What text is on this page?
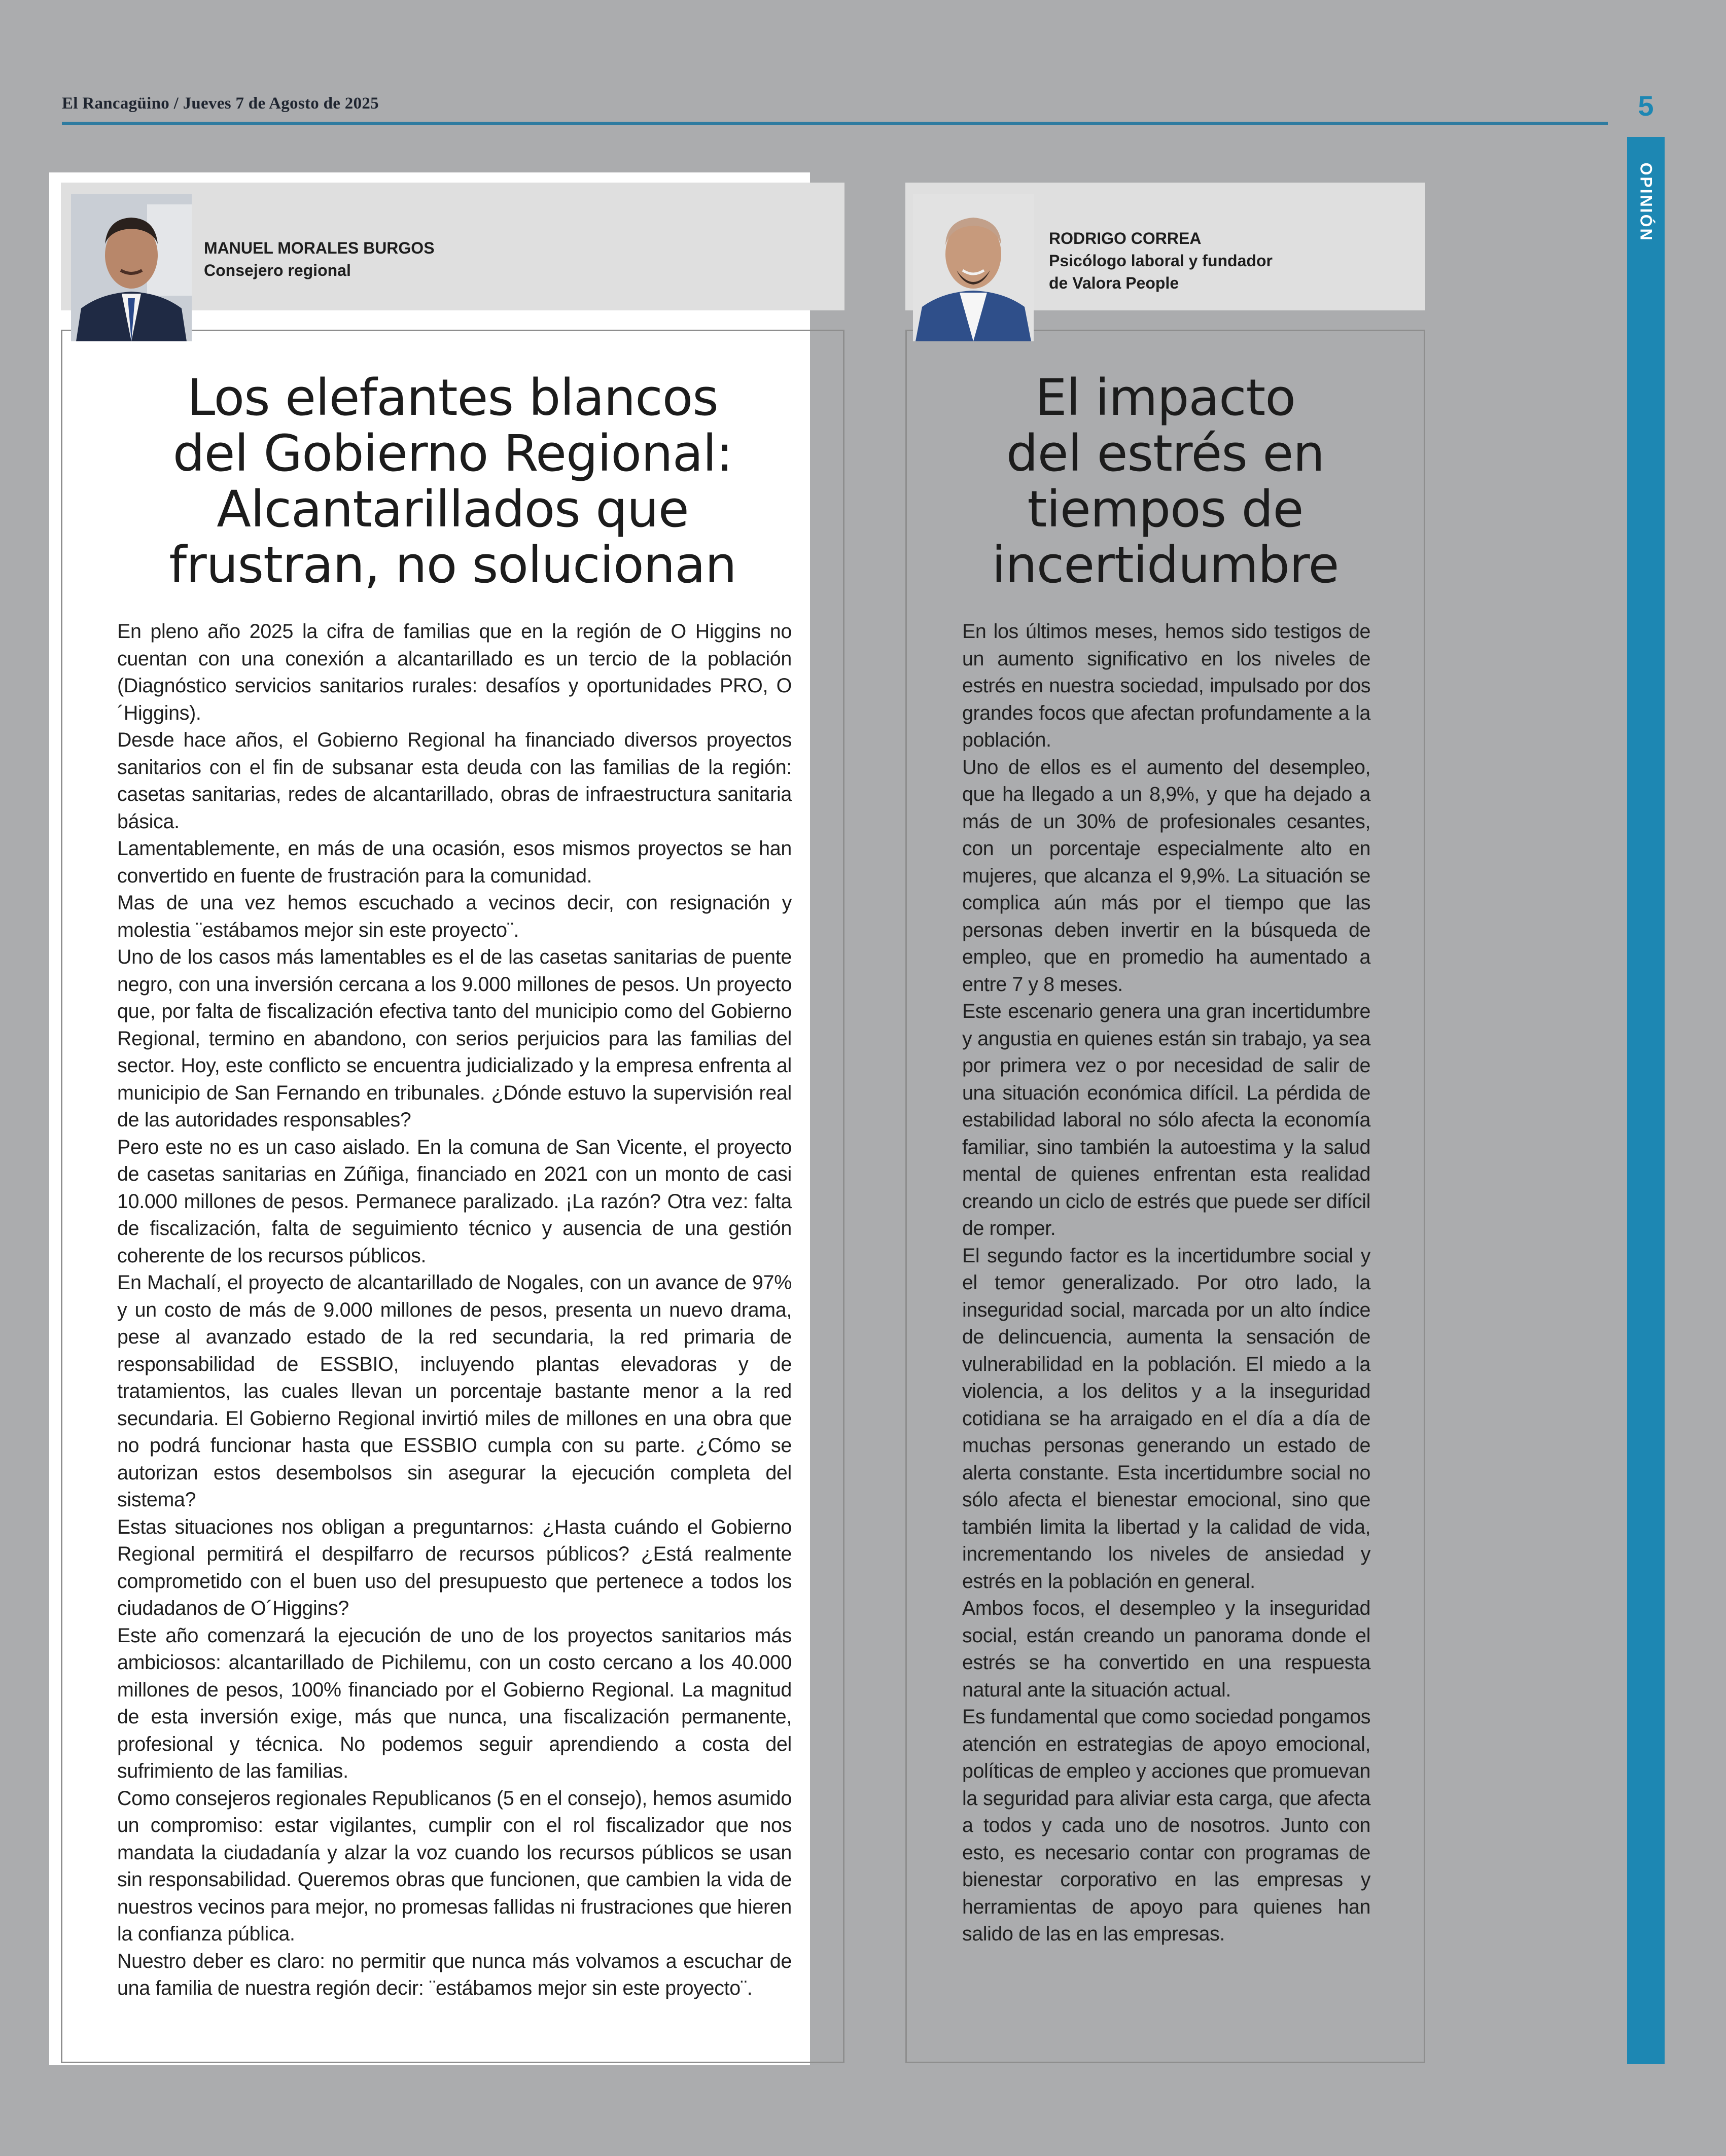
El Rancagüino / Jueves 7 de Agosto de 2025	5
OPINIÓN
MANUEL MORALES BURGOS
Consejero regional
Los elefantes blancos
del Gobierno Regional:
Alcantarillados que
frustran, no solucionan

En pleno año 2025 la cifra de familias que en la región de O Higgins no cuentan con una conexión a alcantarillado es un tercio de la población (Diagnóstico servicios sanitarios rurales: desafíos y oportunidades PRO, O´Higgins).

Desde hace años, el Gobierno Regional ha financiado diversos proyectos sanitarios con el fin de subsanar esta deuda con las familias de la región: casetas sanitarias, redes de alcantarillado, obras de infraestructura sanitaria básica.

Lamentablemente, en más de una ocasión, esos mismos proyectos se han convertido en fuente de frustración para la comunidad.

Mas de una vez hemos escuchado a vecinos decir, con resignación y molestia ¨estábamos mejor sin este proyecto¨.

Uno de los casos más lamentables es el de las casetas sanitarias de puente negro, con una inversión cercana a los 9.000 millones de pesos. Un proyecto que, por falta de fiscalización efectiva tanto del municipio como del Gobierno Regional, termino en abandono, con serios perjuicios para las familias del sector. Hoy, este conflicto se encuentra judicializado y la empresa enfrenta al municipio de San Fernando en tribunales. ¿Dónde estuvo la supervisión real de las autoridades responsables?

Pero este no es un caso aislado. En la comuna de San Vicente, el proyecto de casetas sanitarias en Zúñiga, financiado en 2021 con un monto de casi 10.000 millones de pesos. Permanece paralizado. ¡La razón? Otra vez: falta de fiscalización, falta de seguimiento técnico y ausencia de una gestión coherente de los recursos públicos.

En Machalí, el proyecto de alcantarillado de Nogales, con un avance de 97% y un costo de más de 9.000 millones de pesos, presenta un nuevo drama, pese al avanzado estado de la red secundaria, la red primaria de responsabilidad de ESSBIO, incluyendo plantas elevadoras y de tratamientos, las cuales llevan un porcentaje bastante menor a la red secundaria. El Gobierno Regional invirtió miles de millones en una obra que no podrá funcionar hasta que ESSBIO cumpla con su parte. ¿Cómo se autorizan estos desembolsos sin asegurar la ejecución completa del sistema?

Estas situaciones nos obligan a preguntarnos: ¿Hasta cuándo el Gobierno Regional permitirá el despilfarro de recursos públicos? ¿Está realmente comprometido con el buen uso del presupuesto que pertenece a todos los ciudadanos de O´Higgins?

Este año comenzará la ejecución de uno de los proyectos sanitarios más ambiciosos: alcantarillado de Pichilemu, con un costo cercano a los 40.000 millones de pesos, 100% financiado por el Gobierno Regional. La magnitud de esta inversión exige, más que nunca, una fiscalización permanente, profesional y técnica. No podemos seguir aprendiendo a costa del sufrimiento de las familias.

Como consejeros regionales Republicanos (5 en el consejo), hemos asumido un compromiso: estar vigilantes, cumplir con el rol fiscalizador que nos mandata la ciudadanía y alzar la voz cuando los recursos públicos se usan sin responsabilidad. Queremos obras que funcionen, que cambien la vida de nuestros vecinos para mejor, no promesas fallidas ni frustraciones que hieren la confianza pública.

Nuestro deber es claro: no permitir que nunca más volvamos a escuchar de una familia de nuestra región decir: ¨estábamos mejor sin este proyecto¨.

RODRIGO CORREA
Psicólogo laboral y fundador
de Valora People
El impacto
del estrés en
tiempos de
incertidumbre

En los últimos meses, hemos sido testigos de un aumento significativo en los niveles de estrés en nuestra sociedad, impulsado por dos grandes focos que afectan profundamente a la población.

Uno de ellos es el aumento del desempleo, que ha llegado a un 8,9%, y que ha dejado a más de un 30% de profesionales cesantes, con un porcentaje especialmente alto en mujeres, que alcanza el 9,9%. La situación se complica aún más por el tiempo que las personas deben invertir en la búsqueda de empleo, que en promedio ha aumentado a entre 7 y 8 meses.

Este escenario genera una gran incertidumbre y angustia en quienes están sin trabajo, ya sea por primera vez o por necesidad de salir de una situación económica difícil. La pérdida de estabilidad laboral no sólo afecta la economía familiar, sino también la autoestima y la salud mental de quienes enfrentan esta realidad creando un ciclo de estrés que puede ser difícil de romper.

El segundo factor es la incertidumbre social y el temor generalizado. Por otro lado, la inseguridad social, marcada por un alto índice de delincuencia, aumenta la sensación de vulnerabilidad en la población. El miedo a la violencia, a los delitos y a la inseguridad cotidiana se ha arraigado en el día a día de muchas personas generando un estado de alerta constante. Esta incertidumbre social no sólo afecta el bienestar emocional, sino que también limita la libertad y la calidad de vida, incrementando los niveles de ansiedad y estrés en la población en general.

Ambos focos, el desempleo y la inseguridad social, están creando un panorama donde el estrés se ha convertido en una respuesta natural ante la situación actual.

Es fundamental que como sociedad pongamos atención en estrategias de apoyo emocional, políticas de empleo y acciones que promuevan la seguridad para aliviar esta carga, que afecta a todos y cada uno de nosotros. Junto con esto, es necesario contar con programas de bienestar corporativo en las empresas y herramientas de apoyo para quienes han salido de las en las empresas.
